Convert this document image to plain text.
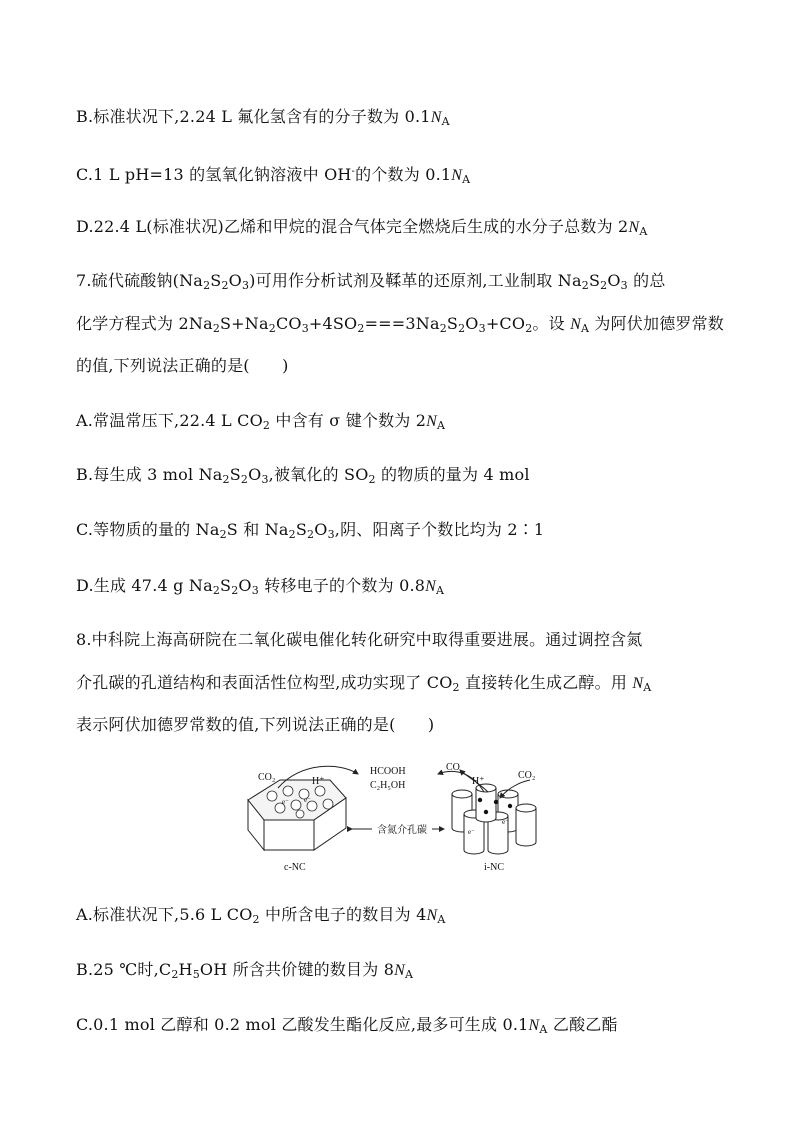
B.标准状况下,2.24 L 氟化氢含有的分子数为 $0.1N_A$
C.1 L pH=13 的氢氧化钠溶液中 OH-的个数为 $0.1N_A$
D.22.4 L(标准状况)乙烯和甲烷的混合气体完全燃烧后生成的水分子总数为 $2N_A$
7.硫代硫酸钠$(Na_2S_2O_3)$可用作分析试剂及鞣革的还原剂,工业制取 $Na_2S_2O_3$ 的总
化学方程式为 $2Na_2S+Na_2CO_3+4SO_2===3Na_2S_2O_3+CO_2$。设 $N_A$ 为阿伏加德罗常数
的值,下列说法正确的是(　　)
A.常温常压下,22.4 L $CO_2$ 中含有 σ 键个数为 $2N_A$
B.每生成 3 mol $Na_2S_2O_3$,被氧化的 $SO_2$ 的物质的量为 4 mol
C.等物质的量的 $Na_2S$ 和 $Na_2S_2O_3$,阴、阳离子个数比均为 2∶1
D.生成 47.4 g $Na_2S_2O_3$ 转移电子的个数为 $0.8N_A$
8.中科院上海高研院在二氧化碳电催化转化研究中取得重要进展。通过调控含氮
介孔碳的孔道结构和表面活性位构型,成功实现了 $CO_2$ 直接转化生成乙醇。用 $N_A$
表示阿伏加德罗常数的值,下列说法正确的是(　　)
e⁻ e⁻
e⁻
e⁻
CO₂	H⁺
HCOOH
C₂H₅OH
CO
H⁺
CO₂
含氮介孔碳
c-NC	i-NC
A.标准状况下,5.6 L $CO_2$ 中所含电子的数目为 $4N_A$
B.25 ℃时$,C_2H_5OH$ 所含共价键的数目为 $8N_A$
C.0.1 mol 乙醇和 0.2 mol 乙酸发生酯化反应,最多可生成 $0.1N_A$ 乙酸乙酯
